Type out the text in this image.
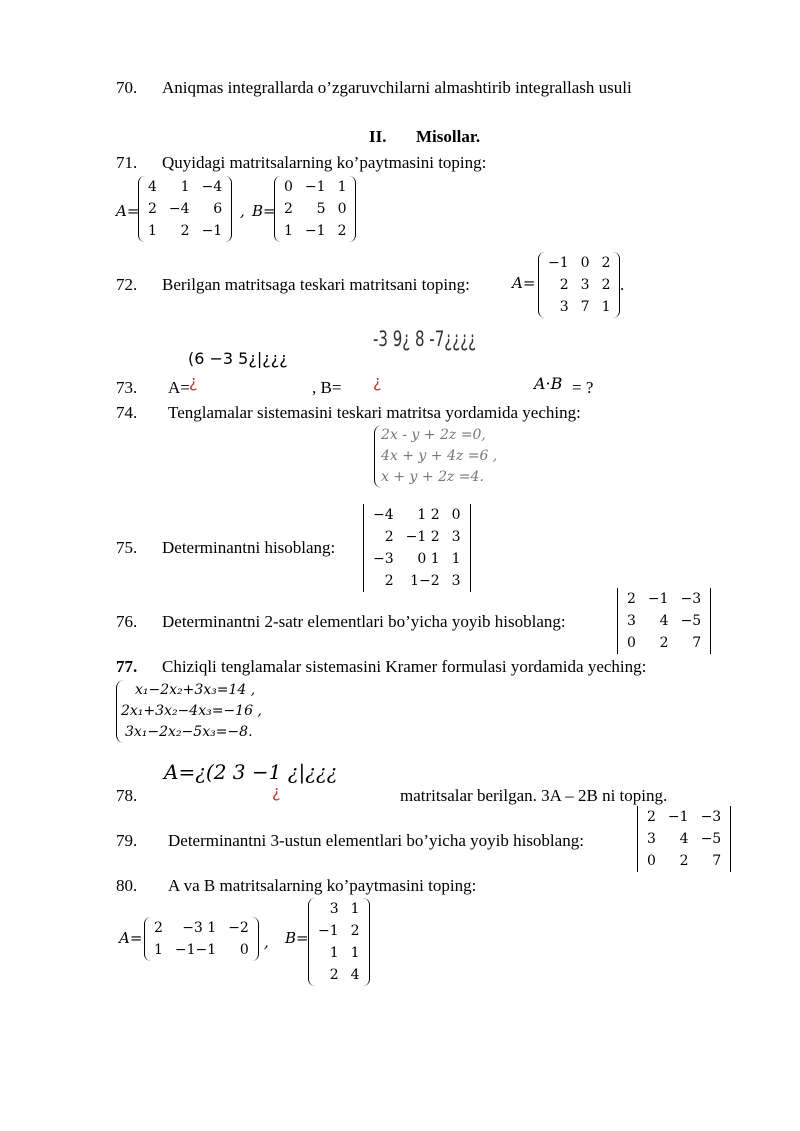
70. Aniqmas integrallarda o’zgaruvchilarni almashtirib integrallash usuli
II. Misollar.
71. Quyidagi matritsalarning ko’paytmasini toping:
A=
4	1	−4
2	−4	6
1	2	−1
, B=
0	−1	1
2	5	0
1	−1	2
72. Berilgan matritsaga teskari matritsani toping:	A=
−1	0	2
2	3	2
3	7	1
.
(6 −3 5¿|¿¿¿
-3 9¿ 8 -7¿¿¿¿
73. A= ¿	, B= ¿	A·B = ?
74. Tenglamalar sistemasini teskari matritsa yordamida yeching:
2x - y + 2z =0,
4x + y + 4z =6 ,
x + y + 2z =4.
75. Determinantni hisoblang:
−4	1 2	0
2	−1 2	3
−3	0 1	1
2	1−2	3
76. Determinantni 2-satr elementlari bo’yicha yoyib hisoblang:
2	−1	−3
3	4	−5
0	2	7
77. Chiziqli tenglamalar sistemasini Kramer formulasi yordamida yeching:
x₁−2x₂+3x₃=14 ,
2x₁+3x₂−4x₃=−16 ,
3x₁−2x₂−5x₃=−8.
A=¿(2 3 −1 ¿|¿¿¿
¿
78.	matritsalar berilgan. 3A – 2B ni toping.
79. Determinantni 3-ustun elementlari bo’yicha yoyib hisoblang:
2	−1	−3
3	4	−5
0	2	7
80. A va B matritsalarning ko’paytmasini toping:
A=
2	−3 1	−2
1	−1−1	0 , B=
3	1
−1	2
1	1
2	4
